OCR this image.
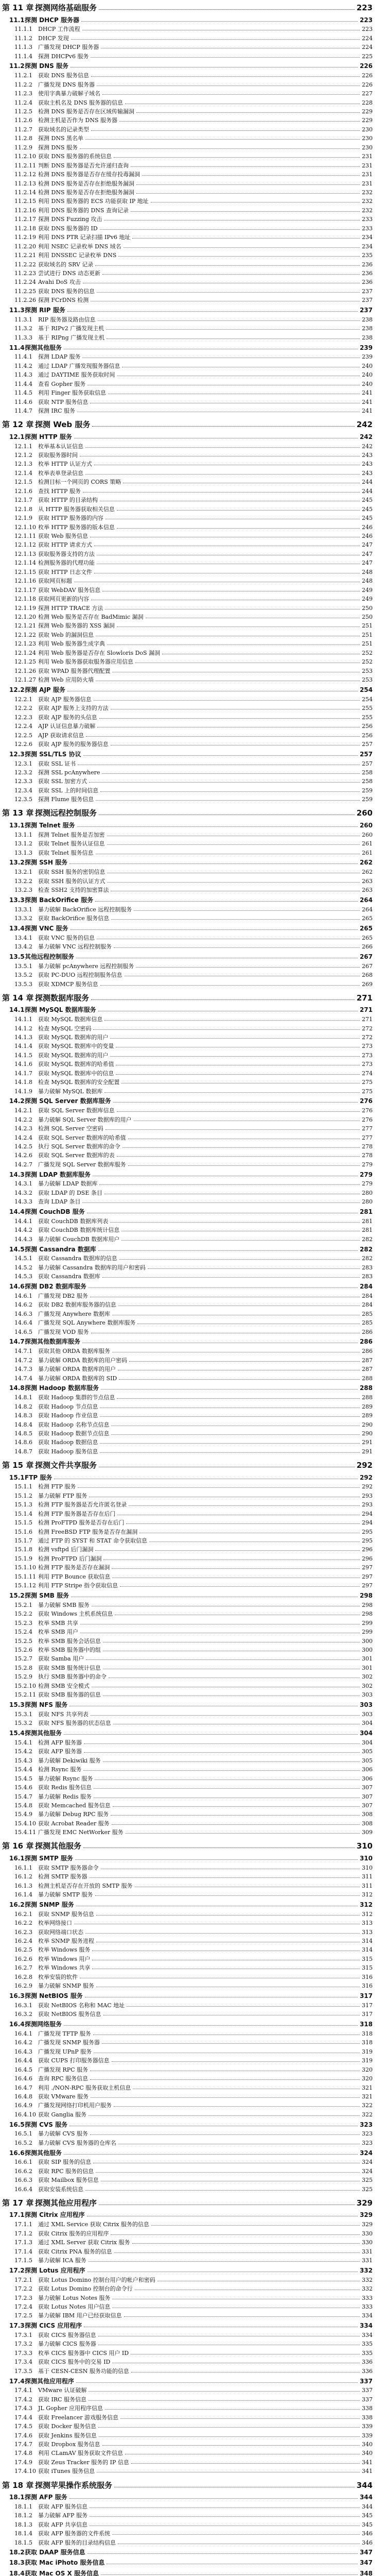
第 11 章 探测网络基础服务	223
11.1 探测 DHCP 服务器	223
11.1.1 DHCP 工作流程	223
11.1.2 DHCP 发现	224
11.1.3 广播发现 DHCP 服务器	224
11.1.4 探测 DHCPv6 服务	225
11.2 探测 DNS 服务	226
11.2.1 获取 DNS 服务信息	226
11.2.2 广播发现 DNS 服务器	226
11.2.3 使用字典暴力破解子域名	227
11.2.4 获取主机名及 DNS 服务器的信息	228
11.2.5 检测 DNS 服务是否存在区域传输漏洞	229
11.2.6 检测主机是否作为 DNS 服务器	229
11.2.7 获取域名的记录类型	230
11.2.8 探测 DNS 黑名单	230
11.2.9 探测 DNS 服务	230
11.2.10 获取 DNS 服务器的系统信息	231
11.2.11 判断 DNS 服务器是否允许递归查询	231
11.2.12 检测 DNS 服务器是否存在缓存投毒漏洞	231
11.2.13 检测 DNS 服务是否存在拒绝服务漏洞	231
11.2.14 检测 DNS 服务是否存在拒绝服务漏洞	232
11.2.15 利用 DNS 服务器的 ECS 功能获取 IP 地址	232
11.2.16 利用 DNS 服务器的 DNS 查询记录	232
11.2.17 探测 DNS Fuzzing 攻击	233
11.2.18 获取 DNS 服务器的 ID	233
11.2.19 利用 DNS PTR 记录扫描 IPv6 地址	234
11.2.20 利用 NSEC 记录枚举 DNS 域名	234
11.2.21 利用 DNSSEC 记录枚举 DNS	235
11.2.22 获取域名的 SRV 记录	236
11.2.23 尝试进行 DNS 动态更新	236
11.2.24 Avahi DoS 攻击	236
11.2.25 获取 DNS 服务的信息	237
11.2.26 探测 FCrDNS 检测	237
11.3 探测 RIP 服务	237
11.3.1 RIP 服务器及路由信息	238
11.3.2 基于 RIPv2 广播发现主机	238
11.3.3 基于 RIPng 广播发现主机	238
11.4 探测其他服务	239
11.4.1 探测 LDAP 服务	239
11.4.2 通过 LDAP 广播发现服务器信息	240
11.4.3 通过 DAYTIME 服务获取时间	240
11.4.4 查看 Gopher 服务	240
11.4.5 利用 Finger 服务获取信息	241
11.4.6 获取 NTP 服务信息	241
11.4.7 探测 IRC 服务	241
第 12 章 探测 Web 服务	242
12.1 探测 HTTP 服务	242
12.1.1 枚举基本认证信息	242
12.1.2 获取服务器时间	243
12.1.3 枚举 HTTP 认证方式	243
12.1.4 枚举表单登录信息	243
12.1.5 检测目标一个网页的 CORS 策略	244
12.1.6 查找 HTTP 服务	244
12.1.7 获取 HTTP 的目录结构	245
12.1.8 从 HTTP 服务器获取相关信息	245
12.1.9 获取 HTTP 服务器的内容	245
12.1.10 枚举 HTTP 服务器的版本信息	246
12.1.11 获取 Web 服务信息	246
12.1.12 获取 HTTP 请求方式	247
12.1.13 获取服务器支持的方法	247
12.1.14 检测服务器的代理功能	247
12.1.15 获取 HTTP 日志文件	248
12.1.16 获取网页标题	248
12.1.17 获取 WebDAV 服务信息	249
12.1.18 获取网页更新的内容	249
12.1.19 探测 HTTP TRACE 方法	250
12.1.20 检测 Web 服务是否存在 BadMimic 漏洞	250
12.1.21 探测 Web 服务器的 XSS 漏洞	251
12.1.22 获取 Web 的漏洞信息	251
12.1.23 利用 Web 服务器生成字典	251
12.1.24 利用 Web 服务器是否存在 Slowloris DoS 漏洞	252
12.1.25 利用 Web 服务器获取服务器应用信息	252
12.1.26 获取 WPAD 服务器代理配置	253
12.1.27 检测 Web 应用防火墙	253
12.2 探测 AJP 服务	254
12.2.1 获取 AJP 服务器信息	254
12.2.2 获取 AJP 服务上支持的方法	255
12.2.3 获取 AJP 服务的头信息	255
12.2.4 AJP 认证信息暴力破解	256
12.2.5 AJP 获取请求信息	256
12.2.6 获取 AJP 服务的服务器信息	257
12.3 探测 SSL/TLS 协议	257
12.3.1 获取 SSL 证书	257
12.3.2 探测 SSL pcAnywhere	258
12.3.3 获取 SSL 加密方式	258
12.3.4 获取 SSL 上的时间信息	259
12.3.5 探测 Flume 服务信息	259
第 13 章 探测远程控制服务	260
13.1 探测 Telnet 服务	260
13.1.1 探测 Telnet 服务是否加密	260
13.1.2 获取 Telnet 服务认证信息	261
13.1.3 获取 Telnet 服务信息	261
13.2 探测 SSH 服务	262
13.2.1 获取 SSH 服务的密钥信息	262
13.2.2 获取 SSH 服务的认证方式	263
13.2.3 检查 SSH2 支持的加密算法	263
13.3 探测 BackOrifice 服务	264
13.3.1 暴力破解 BackOrifice 远程控制服务	264
13.3.2 获取 BackOrifice 服务信息	265
13.4 探测 VNC 服务	265
13.4.1 获取 VNC 服务的信息	265
13.4.2 暴力破解 VNC 远程控制服务	266
13.5 其他远程控制服务	267
13.5.1 暴力破解 pcAnywhere 远程控制服务	267
13.5.2 获取 PC-DUO 远程控制服务信息	268
13.5.3 获取 XDMCP 服务信息	269
第 14 章 探测数据库服务	271
14.1 探测 MySQL 数据库服务	271
14.1.1 获取 MySQL 数据库信息	271
14.1.2 检查 MySQL 空密码	272
14.1.3 获取 MySQL 数据库的用户	272
14.1.4 获取 MySQL 数据库中的变量	273
14.1.5 获取 MySQL 数据库的用户	273
14.1.6 获取 MySQL 数据库的哈希值	273
14.1.7 获取 MySQL 数据库中的信息	274
14.1.8 检查 MySQL 数据库的安全配置	275
14.1.9 暴力破解 MySQL 数据库	275
14.2 探测 SQL Server 数据库服务	276
14.2.1 获取 SQL Server 数据库信息	276
14.2.2 暴力破解 SQL Server 数据库的用户	276
14.2.3 检测 SQL Server 空密码	277
14.2.4 获取 SQL Server 数据库的哈希值	277
14.2.5 执行 SQL Server 数据库的命令	278
14.2.6 获取 SQL Server 数据库的表	278
14.2.7 广播发现 SQL Server 数据库服务	279
14.3 探测 LDAP 数据库服务	279
14.3.1 暴力破解 LDAP 数据库	279
14.3.2 获取 LDAP 的 DSE 条目	280
14.3.3 查询 LDAP 条目	280
14.4 探测 CouchDB 服务	281
14.4.1 获取 CouchDB 数据库列表	281
14.4.2 获取 CouchDB 数据库统计信息	281
14.4.3 暴力破解 CouchDB 数据库用户	282
14.5 探测 Cassandra 数据库	282
14.5.1 获取 Cassandra 数据库的信息	282
14.5.2 暴力破解 Cassandra 数据库的用户和密码	283
14.5.3 获取 Cassandra 数据库	283
14.6 探测 DB2 数据库服务	284
14.6.1 广播发现 DB2 服务	284
14.6.2 获取 DB2 数据库服务器的信息	284
14.6.3 广播发现 Anywhere 数据库	285
14.6.4 广播发现 SQL Anywhere 数据库服务	285
14.6.5 广播发现 VOD 服务	286
14.7 探测其他数据库服务	286
14.7.1 获取其他 ORDA 数据库服务	286
14.7.2 暴力破解 ORDA 数据库的用户密码	287
14.7.3 暴力破解 ORDA 数据库的用户	287
14.7.4 暴力破解 ORDA 数据库的 SID	288
14.8 探测 Hadoop 数据库服务	288
14.8.1 获取 Hadoop 集群的节点信息	288
14.8.2 获取 Hadoop 节点信息	289
14.8.3 获取 Hadoop 作业信息	289
14.8.4 获取 Hadoop 名称节点信息	290
14.8.5 获取 Hadoop 数据节点信息	290
14.8.6 获取 Hadoop 数据信息	291
14.8.7 获取 Hadoop 服务信息	291
第 15 章 探测文件共享服务	292
15.1 FTP 服务	292
15.1.1 检测 FTP 服务	292
15.1.2 暴力破解 FTP 服务	293
15.1.3 检测 FTP 服务器是否允许匿名登录	293
15.1.4 检测 FTP 服务器是否存在后门	294
15.1.5 检测 ProFTPD 服务是否存在后门	294
15.1.6 检测 FreeBSD FTP 服务是否存在漏洞	295
15.1.7 通过 FTP 的 SYST 和 STAT 命令获取信息	295
15.1.8 检测 vsftpd 后门漏洞	296
15.1.9 检测 ProFTPD 后门漏洞	296
15.1.10 检测 FTP 服务是否存在漏洞	297
15.1.11 利用 FTP Bounce 获取信息	297
15.1.12 利用 FTP Stripe 指令获取信息	297
15.2 探测 SMB 服务	298
15.2.1 暴力破解 SMB 服务	298
15.2.2 获取 Windows 主机系统信息	298
15.2.3 枚举 SMB 共享	299
15.2.4 枚举 SMB 用户	299
15.2.5 枚举 SMB 服务会话信息	300
15.2.6 枚举 SMB 服务器中的组	300
15.2.7 获取 Samba 用户	301
15.2.8 获取 SMB 服务统计信息	301
15.2.9 执行 SMB 服务器中的命令	302
15.2.10 检测 SMB 安全模式	302
15.2.11 获取 SMB 服务器的信息	303
15.3 探测 NFS 服务	303
15.3.1 获取 NFS 共享列表	303
15.3.2 获取 NFS 服务器的状态信息	304
15.4 探测其他服务	304
15.4.1 检测 AFP 服务器	304
15.4.2 获取 AFP 服务器	305
15.4.3 暴力破解 Dekiwiki 服务	305
15.4.4 检测 Rsync 服务	306
15.4.5 暴力破解 Rsync 服务	306
15.4.6 获取 Redis 服务信息	307
15.4.7 暴力破解 Redis 服务	307
15.4.8 获取 Memcached 服务信息	307
15.4.9 暴力破解 Debug RPC 服务	308
15.4.10 获取 Acrobat Reader 服务	308
15.4.11 广播发现 EMC NetWorker 服务	309
第 16 章 探测其他服务	310
16.1 探测 SMTP 服务	310
16.1.1 获取 SMTP 服务器命令	310
16.1.2 检测 SMTP 服务器	311
16.1.3 检测主机是否存在开放的 SMTP 服务	311
16.1.4 暴力破解 SMTP 服务	312
16.2 探测 SNMP 服务	312
16.2.1 获取 SNMP 服务信息	312
16.2.2 枚举网络接口	313
16.2.3 获取网络端口状态	313
16.2.4 枚举 SNMP 服务进程	314
16.2.5 枚举 Windows 服务	314
16.2.6 枚举 Windows 用户	315
16.2.7 枚举 Windows 共享	315
16.2.8 枚举安装的软件	316
16.2.9 暴力破解 SNMP 服务	316
16.3 探测 NetBIOS 服务	317
16.3.1 获取 NetBIOS 名称和 MAC 地址	317
16.3.2 获取 NetBIOS 服务信息	317
16.4 探测网络服务	318
16.4.1 广播发现 TFTP 服务	318
16.4.2 广播发现 SNMP 服务器	318
16.4.3 广播发现 UPnP 服务	319
16.4.4 获取 CUPS 打印服务器信息	319
16.4.5 广播发现 RPC 服务	320
16.4.6 查询 RPC 服务信息	320
16.4.7 利用 ./NON-RPC 服务获取主机信息	321
16.4.8 获取 VMware 服务	321
16.4.9 广播发现网络打印机用户服务	322
16.4.10 获取 Ganglia 服务	322
16.5 探测 CVS 服务	323
16.5.1 暴力破解 CVS 服务	323
16.5.2 暴力破解 CVS 服务器的仓库名	323
16.6 探测其他服务	324
16.6.1 获取 SIP 服务的信息	324
16.6.2 获取 RPC 服务的信息	324
16.6.3 获取 Mailbox 服务信息	325
16.6.4 获取安装系统信息	325
第 17 章 探测其他应用程序	329
17.1 探测 Citrix 应用程序	329
17.1.1 通过 XML Service 获取 Citrix 服务的信息	329
17.1.2 获取 Citrix 服务的应用程序	330
17.1.3 通过 XML Server 获取 Citrix 服务	330
17.1.4 获取 Citrix PNA 服务的信息	331
17.1.5 暴力破解 ICA 服务	331
17.2 探测 Lotus 应用程序	332
17.2.1 获取 Lotus Domino 控制台用户的帐户和密码	332
17.2.2 获取 Lotus Domino 控制台的命令行	332
17.2.3 暴力破解 Lotus Notes 服务	333
17.2.4 获取 Lotus Notes 用户信息	333
17.2.5 暴力破解 IBM 用户已经获取信息	334
17.3 探测 CICS 应用程序	334
17.3.1 获取 CICS 服务器信息	334
17.3.2 暴力破解 CICS 服务器	335
17.3.3 枚举 CICS 服务器中 CICS 用户 ID	335
17.3.4 获取 CICS 服务中的交易 ID	336
17.3.5 基于 CESN-CESN 服务功能的信息	336
17.4 探测其他应用程序	337
17.4.1 VMware 认证破解	337
17.4.2 获取 IRC 服务信息	337
17.4.3 JL Gopher 应用程序信息	338
17.4.4 获取 Freelancer 游戏服务信息	338
17.4.5 获取 Docker 服务信息	339
17.4.6 获取 Jenkins 服务信息	339
17.4.7 获取 Dropbox 服务信息	340
17.4.8 利用 CLamAV 服务获取文件信息	340
17.4.9 获取 Zeus Tracker 服务的 IP 信息	341
17.4.10 获取 iTunes 服务信息	341
第 18 章 探测苹果操作系统服务	344
18.1 探测 AFP 服务	344
18.1.1 获取 AFP 服务信息	344
18.1.2 暴力破解 AFP 服务	345
18.1.3 获取 AFP 共享信息	345
18.1.4 获取 AFP 服务器的文件系统	346
18.1.5 获取 AFP 服务的目录结构信息	346
18.2 获取 DAAP 服务信息	347
18.3 获取 Mac iPhoto 服务信息	347
18.4 获取 Mac OS X 服务信息	348
